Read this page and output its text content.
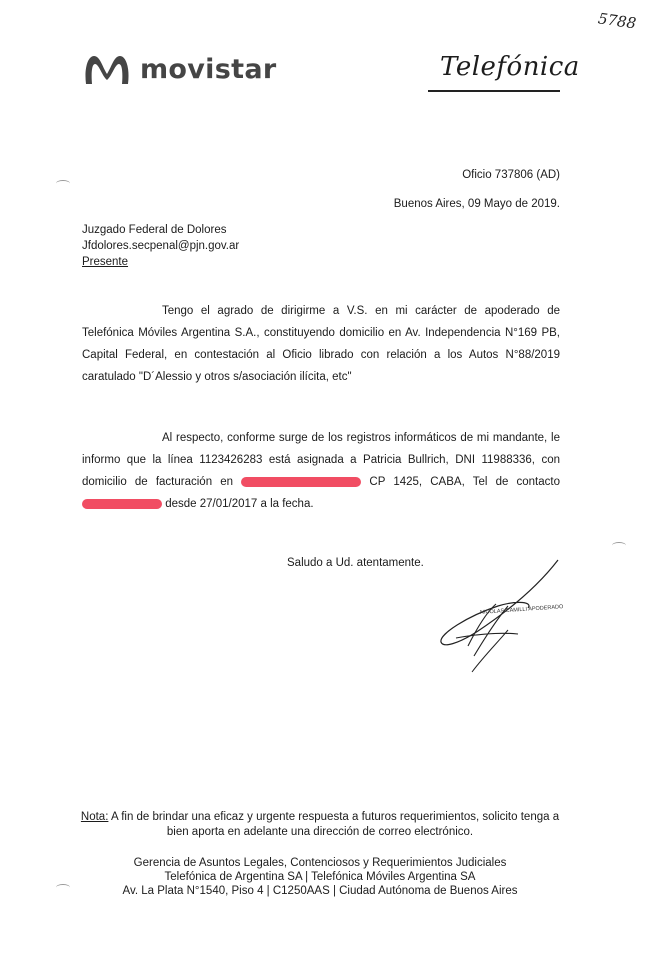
5788
movistar	Telefónica
Oficio 737806 (AD)
Buenos Aires, 09 Mayo de 2019.
Juzgado Federal de Dolores
Jfdolores.secpenal@pjn.gov.ar
Presente

Tengo el agrado de dirigirme a V.S. en mi carácter de apoderado de Telefónica Móviles Argentina S.A., constituyendo domicilio en Av. Independencia N°169 PB, Capital Federal, en contestación al Oficio librado con relación a los Autos N°88/2019 caratulado "D´Alessio y otros s/asociación ilícita, etc"

Al respecto, conforme surge de los registros informáticos de mi mandante, le informo que la línea 1123426283 está asignada a Patricia Bullrich, DNI 11988336, con domicilio de facturación en	CP 1425, CABA, Tel de contacto  desde 27/01/2017 a la fecha.

Saludo a Ud. atentamente.
NICOLAS CAMILLI APODERADO
Nota: A fin de brindar una eficaz y urgente respuesta a futuros requerimientos, solicito tenga a bien aporta en adelante una dirección de correo electrónico.
Gerencia de Asuntos Legales, Contenciosos y Requerimientos Judiciales
Telefónica de Argentina SA | Telefónica Móviles Argentina SA
Av. La Plata N°1540, Piso 4 | C1250AAS | Ciudad Autónoma de Buenos Aires
